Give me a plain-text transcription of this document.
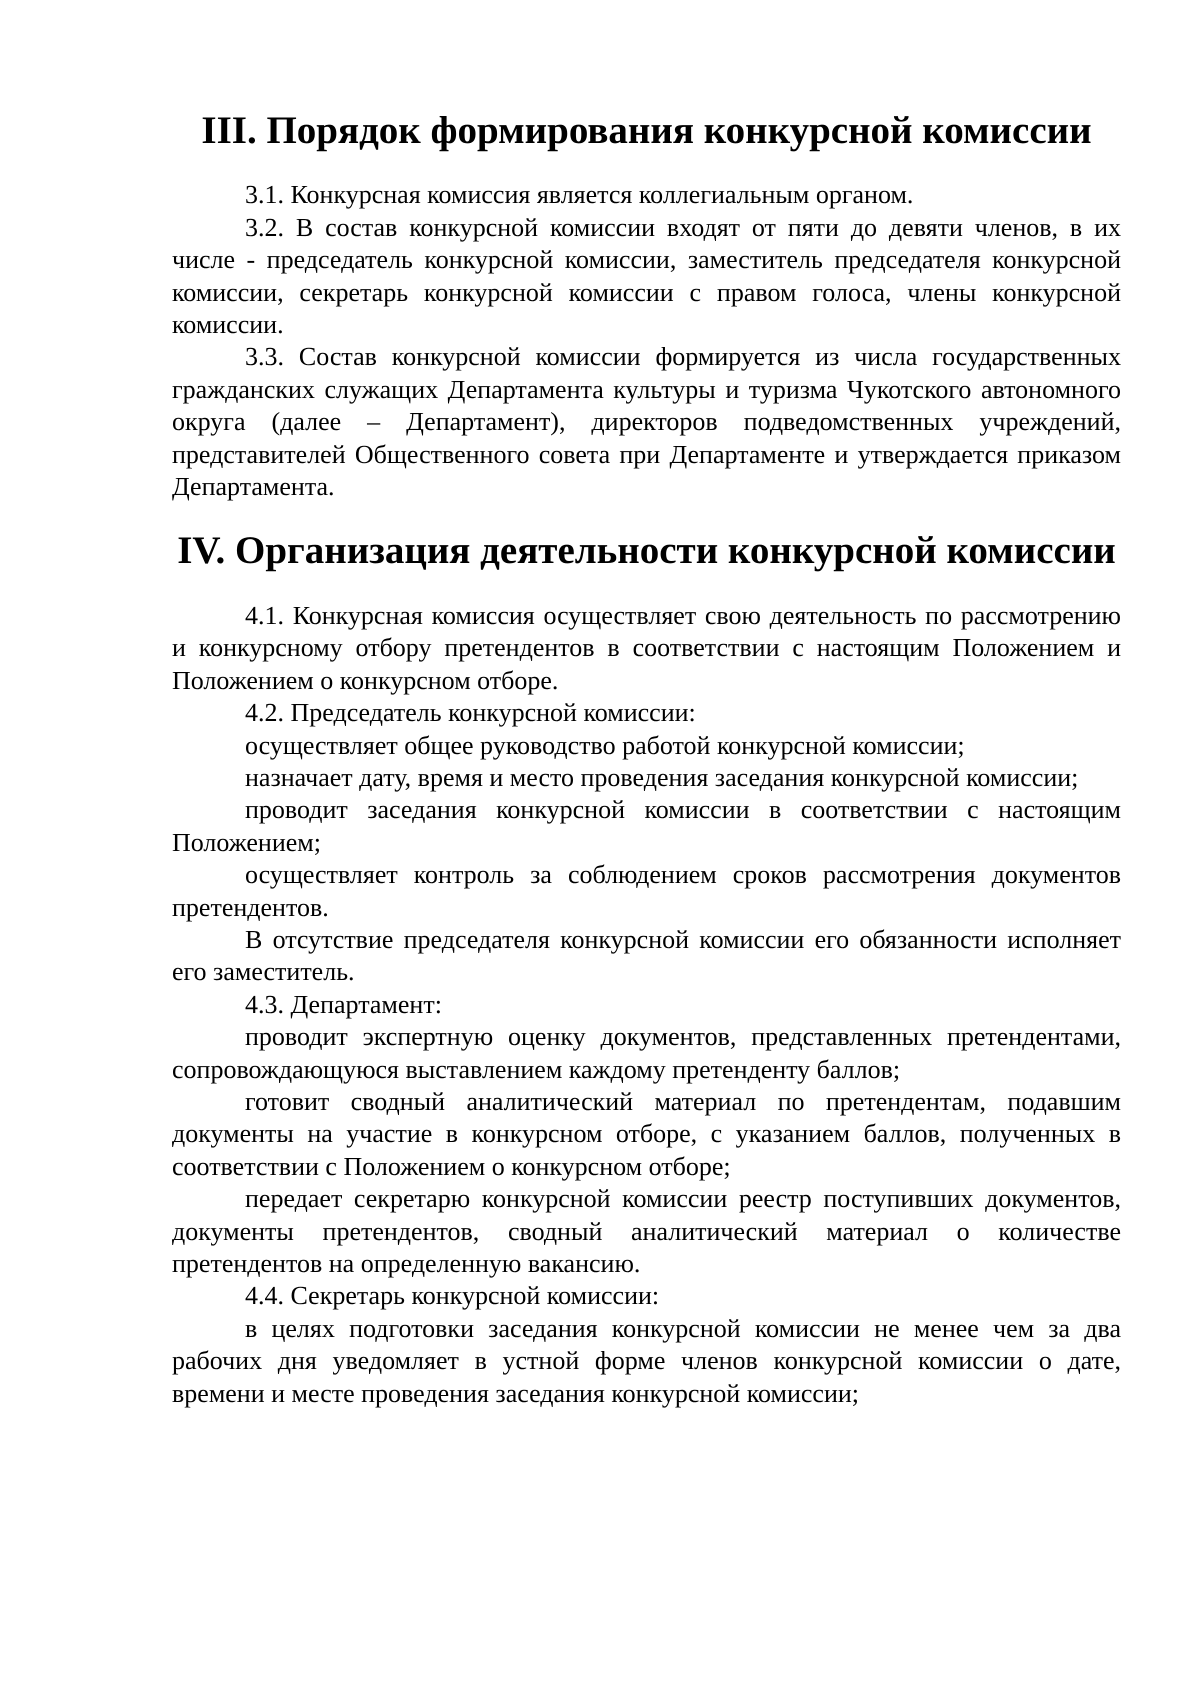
III. Порядок формирования конкурсной комиссии

3.1. Конкурсная комиссия является коллегиальным органом.

3.2. В состав конкурсной комиссии входят от пяти до девяти членов, в их числе - председатель конкурсной комиссии, заместитель председателя конкурсной комиссии, секретарь конкурсной комиссии с правом голоса, члены конкурсной комиссии.

3.3. Состав конкурсной комиссии формируется из числа государственных гражданских служащих Департамента культуры и туризма Чукотского автономного округа (далее – Департамент), директоров подведомственных учреждений, представителей Общественного совета при Департаменте и утверждается приказом Департамента.

IV. Организация деятельности конкурсной комиссии

4.1. Конкурсная комиссия осуществляет свою деятельность по рассмотрению и конкурсному отбору претендентов в соответствии с настоящим Положением и Положением о конкурсном отборе.

4.2. Председатель конкурсной комиссии:

осуществляет общее руководство работой конкурсной комиссии;

назначает дату, время и место проведения заседания конкурсной комиссии;

проводит заседания конкурсной комиссии в соответствии с настоящим Положением;

осуществляет контроль за соблюдением сроков рассмотрения документов претендентов.

В отсутствие председателя конкурсной комиссии его обязанности исполняет его заместитель.

4.3. Департамент:

проводит экспертную оценку документов, представленных претендентами, сопровождающуюся выставлением каждому претенденту баллов;

готовит сводный аналитический материал по претендентам, подавшим документы на участие в конкурсном отборе, с указанием баллов, полученных в соответствии с Положением о конкурсном отборе;

передает секретарю конкурсной комиссии реестр поступивших документов, документы претендентов, сводный аналитический материал о количестве претендентов на определенную вакансию.

4.4. Секретарь конкурсной комиссии:

в целях подготовки заседания конкурсной комиссии не менее чем за два рабочих дня уведомляет в устной форме членов конкурсной комиссии о дате, времени и месте проведения заседания конкурсной комиссии;
